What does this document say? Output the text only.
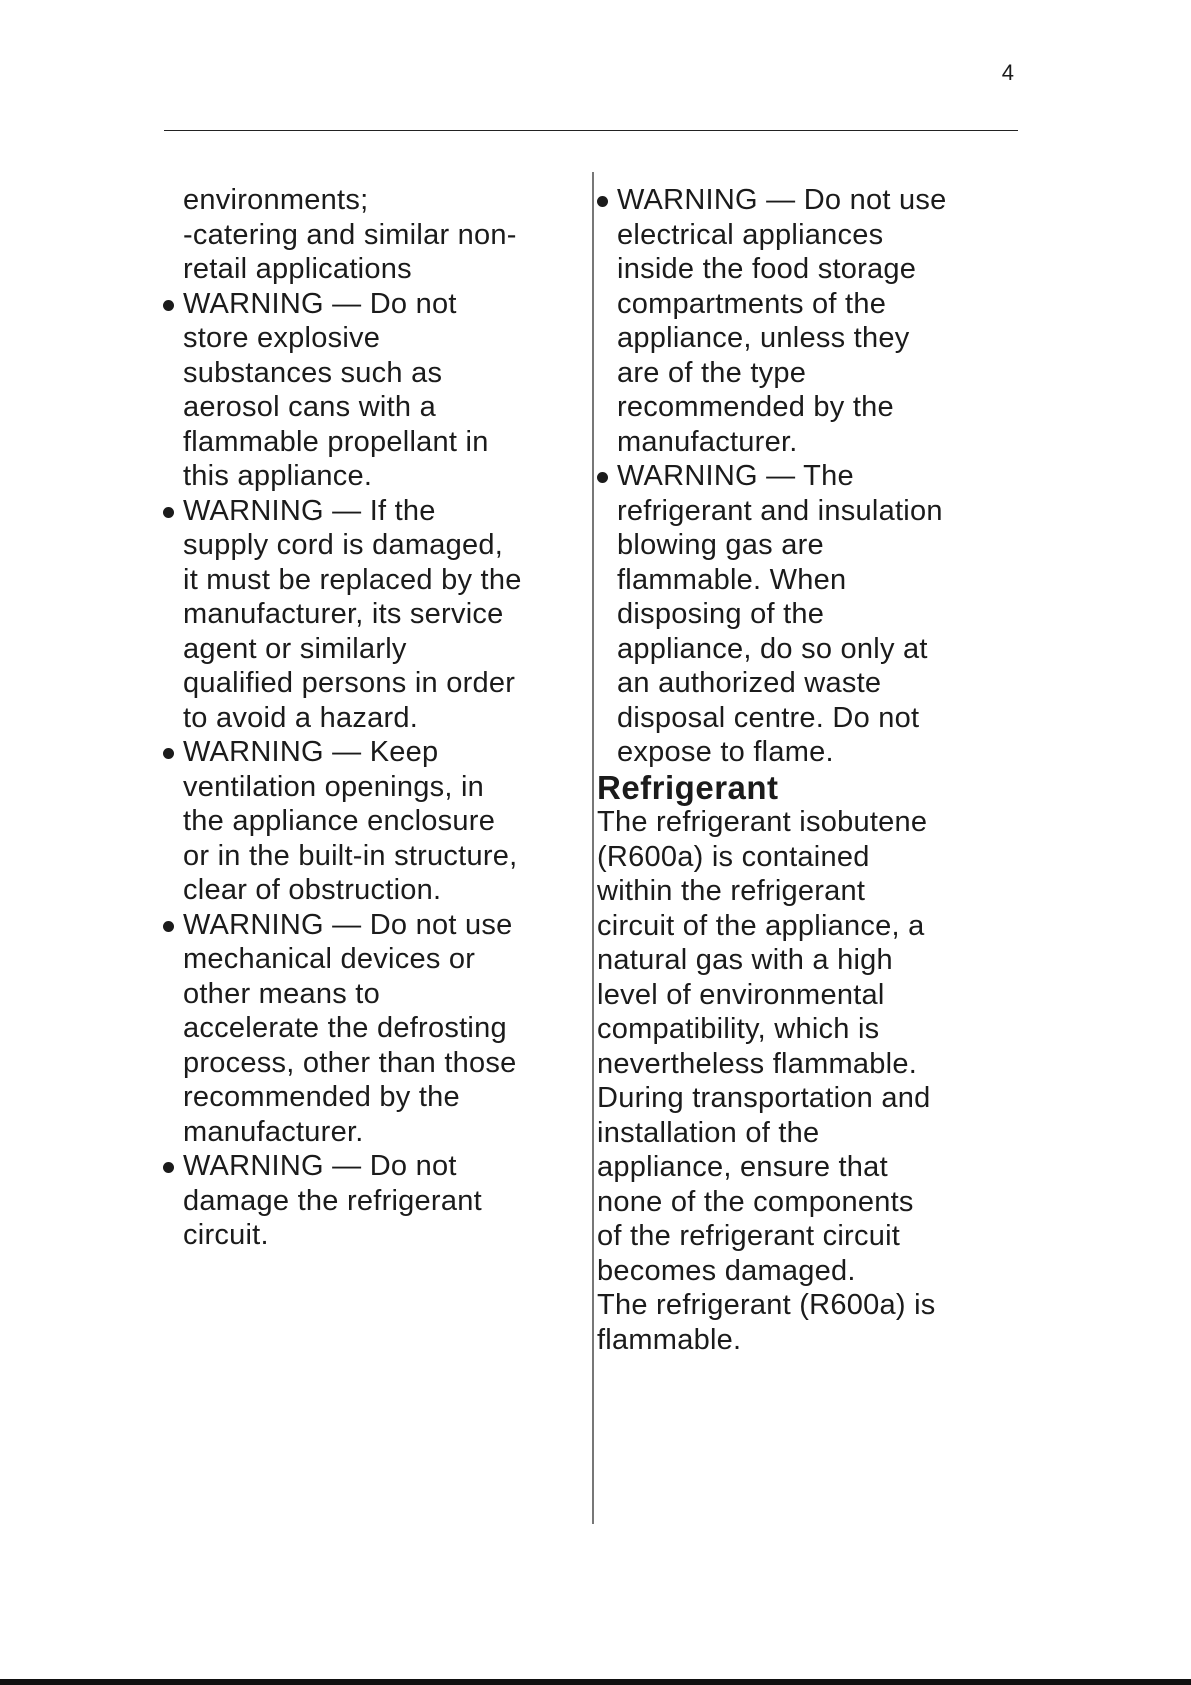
4
environments;
-catering and similar non-
retail applications
WARNING — Do not
store explosive
substances such as
aerosol cans with a
flammable propellant in
this appliance.
WARNING — If the
supply cord is damaged,
it must be replaced by the
manufacturer, its service
agent or similarly
qualified persons in order
to avoid a hazard.
WARNING — Keep
ventilation openings, in
the appliance enclosure
or in the built-in structure,
clear of obstruction.
WARNING — Do not use
mechanical devices or
other means to
accelerate the defrosting
process, other than those
recommended by the
manufacturer.
WARNING — Do not
damage the refrigerant
circuit.
WARNING — Do not use
electrical appliances
inside the food storage
compartments of the
appliance, unless they
are of the type
recommended by the
manufacturer.
WARNING — The
refrigerant and insulation
blowing gas are
flammable. When
disposing of the
appliance, do so only at
an authorized waste
disposal centre. Do not
expose to flame.
Refrigerant
The refrigerant isobutene
(R600a) is contained
within the refrigerant
circuit of the appliance, a
natural gas with a high
level of environmental
compatibility, which is
nevertheless flammable.
During transportation and
installation of the
appliance, ensure that
none of the components
of the refrigerant circuit
becomes damaged.
The refrigerant (R600a) is
flammable.
